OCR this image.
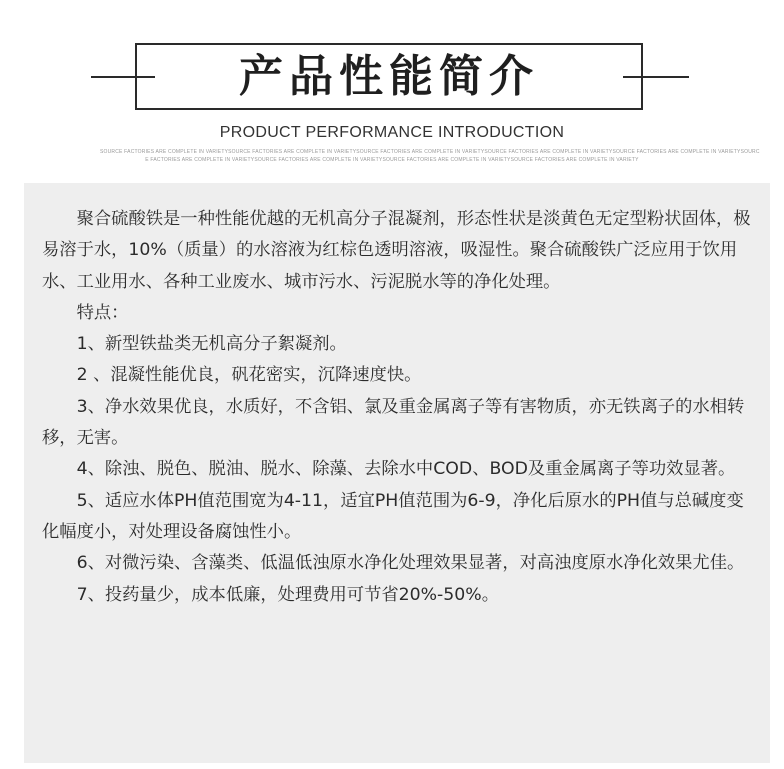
产品性能简介
PRODUCT PERFORMANCE INTRODUCTION
SOURCE FACTORIES ARE COMPLETE IN VARIETYSOURCE FACTORIES ARE COMPLETE IN VARIETYSOURCE FACTORIES ARE COMPLETE IN VARIETYSOURCE FACTORIES ARE COMPLETE IN VARIETYSOURCE FACTORIES ARE COMPLETE IN VARIETYSOURC
E FACTORIES ARE COMPLETE IN VARIETYSOURCE FACTORIES ARE COMPLETE IN VARIETYSOURCE FACTORIES ARE COMPLETE IN VARIETYSOURCE FACTORIES ARE COMPLETE IN VARIETY

聚合硫酸铁是一种性能优越的无机高分子混凝剂，形态性状是淡黄色无定型粉状固体，极易溶于水，10%（质量）的水溶液为红棕色透明溶液，吸湿性。聚合硫酸铁广泛应用于饮用水、工业用水、各种工业废水、城市污水、污泥脱水等的净化处理。

特点：

1、新型铁盐类无机高分子絮凝剂。

2 、混凝性能优良，矾花密实，沉降速度快。

3、净水效果优良，水质好，不含铝、氯及重金属离子等有害物质，亦无铁离子的水相转移，无害。

4、除浊、脱色、脱油、脱水、除藻、去除水中COD、BOD及重金属离子等功效显著。

5、适应水体PH值范围宽为4-11，适宜PH值范围为6-9，净化后原水的PH值与总碱度变化幅度小，对处理设备腐蚀性小。

6、对微污染、含藻类、低温低浊原水净化处理效果显著，对高浊度原水净化效果尤佳。

7、投药量少，成本低廉，处理费用可节省20%-50%。
